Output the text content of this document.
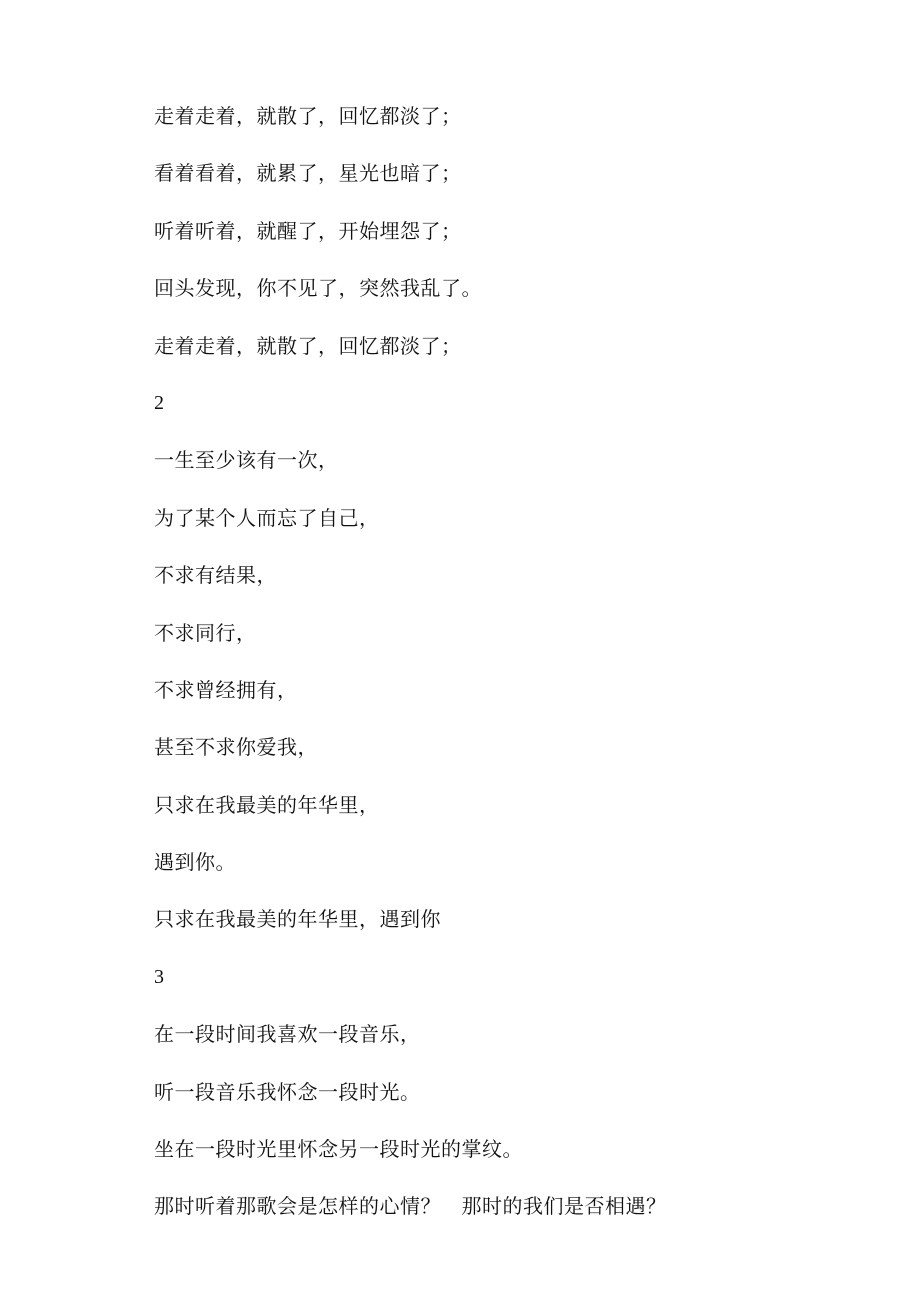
走着走着，就散了，回忆都淡了；
看着看着，就累了，星光也暗了；
听着听着，就醒了，开始埋怨了；
回头发现，你不见了，突然我乱了。
走着走着，就散了，回忆都淡了；
2
一生至少该有一次，
为了某个人而忘了自己，
不求有结果，
不求同行，
不求曾经拥有，
甚至不求你爱我，
只求在我最美的年华里，
遇到你。
只求在我最美的年华里，遇到你
3
在一段时间我喜欢一段音乐，
听一段音乐我怀念一段时光。
坐在一段时光里怀念另一段时光的掌纹。
那时听着那歌会是怎样的心情？　那时的我们是否相遇？
